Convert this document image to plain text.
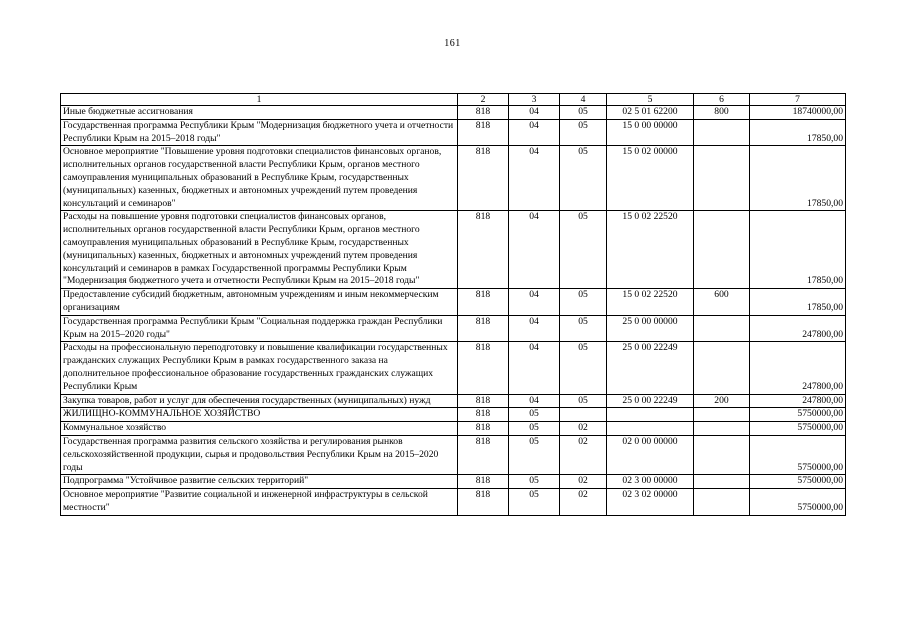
161
1	2	3	4	5	6	7
Иные бюджетные ассигнования	818	04	05	02 5 01 62200	800	18740000,00
Государственная программа Республики Крым "Модернизация бюджетного учета и отчетности Республики Крым на 2015–2018 годы"	818	04	05	15 0 00 00000		17850,00
Основное мероприятие "Повышение уровня подготовки специалистов финансовых органов, исполнительных органов государственной власти Республики Крым, органов местного самоуправления муниципальных образований в Республике Крым, государственных (муниципальных) казенных, бюджетных и автономных учреждений путем проведения консультаций и семинаров"	818	04	05	15 0 02 00000		17850,00
Расходы на повышение уровня подготовки специалистов финансовых органов, исполнительных органов государственной власти Республики Крым, органов местного самоуправления муниципальных образований в Республике Крым, государственных (муниципальных) казенных, бюджетных и автономных учреждений путем проведения консультаций и семинаров в рамках Государственной программы Республики Крым "Модернизация бюджетного учета и отчетности Республики Крым на 2015–2018 годы"	818	04	05	15 0 02 22520		17850,00
Предоставление субсидий бюджетным, автономным учреждениям и иным некоммерческим организациям	818	04	05	15 0 02 22520	600	17850,00
Государственная программа Республики Крым "Социальная поддержка граждан Республики Крым на 2015–2020 годы"	818	04	05	25 0 00 00000		247800,00
Расходы на профессиональную переподготовку и повышение квалификации государственных гражданских служащих Республики Крым в рамках государственного заказа на дополнительное профессиональное образование государственных гражданских служащих Республики Крым	818	04	05	25 0 00 22249		247800,00
Закупка товаров, работ и услуг для обеспечения государственных (муниципальных) нужд	818	04	05	25 0 00 22249	200	247800,00
ЖИЛИЩНО-КОММУНАЛЬНОЕ ХОЗЯЙСТВО	818	05				5750000,00
Коммунальное хозяйство	818	05	02			5750000,00
Государственная программа развития сельского хозяйства и регулирования рынков сельскохозяйственной продукции, сырья и продовольствия Республики Крым на 2015–2020 годы	818	05	02	02 0 00 00000		5750000,00
Подпрограмма "Устойчивое развитие сельских территорий"	818	05	02	02 3 00 00000		5750000,00
Основное мероприятие "Развитие социальной и инженерной инфраструктуры в сельской местности"	818	05	02	02 3 02 00000		5750000,00
